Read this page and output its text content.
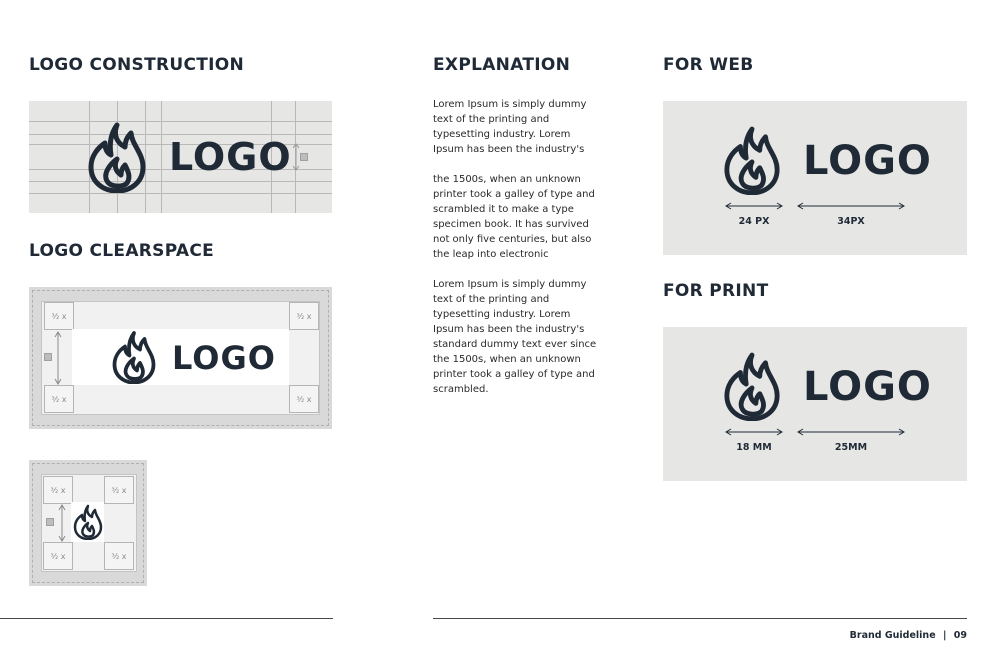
LOGO CONSTRUCTION
LOGO
LOGO CLEARSPACE
³⁄₂ x	³⁄₂ x
³⁄₂ x	³⁄₂ x
LOGO
³⁄₂ x	³⁄₂ x
³⁄₂ x	³⁄₂ x
EXPLANATION

Lorem Ipsum is simply dummy text of the printing and typesetting industry. Lorem Ipsum has been the industry's

the 1500s, when an unknown printer took a galley of type and scrambled it to make a type specimen book. It has survived not only five centuries, but also the leap into electronic

Lorem Ipsum is simply dummy text of the printing and typesetting industry. Lorem Ipsum has been the industry's standard dummy text ever since the 1500s, when an unknown printer took a galley of type and scrambled.

FOR WEB
LOGO
24 PX	34PX
FOR PRINT
LOGO
18 MM	25MM
Brand Guideline | 09
